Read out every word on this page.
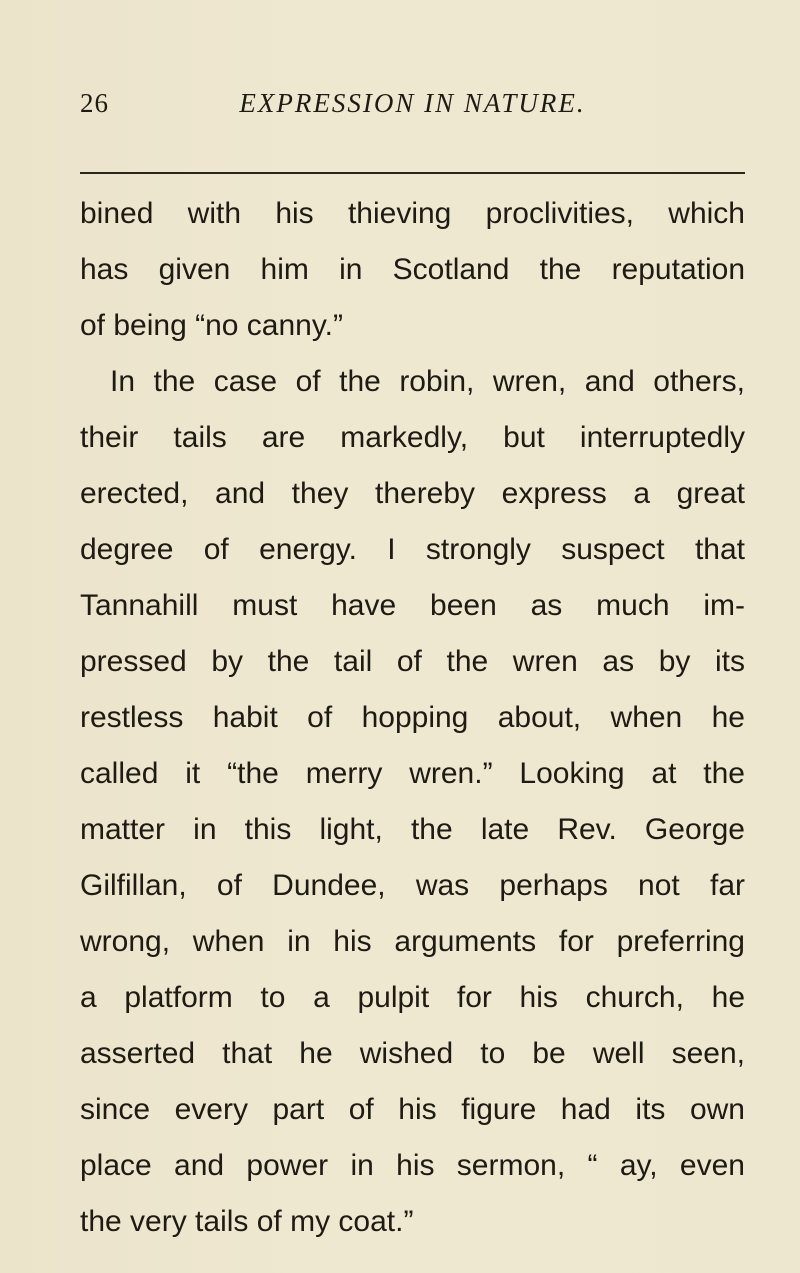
26	EXPRESSION IN NATURE.
bined with his thieving proclivities, which
has given him in Scotland the reputation
of being “no canny.”
In the case of the robin, wren, and others,
their tails are markedly, but interruptedly
erected, and they thereby express a great
degree of energy. I strongly suspect that
Tannahill must have been as much im-
pressed by the tail of the wren as by its
restless habit of hopping about, when he
called it “the merry wren.” Looking at the
matter in this light, the late Rev. George
Gilfillan, of Dundee, was perhaps not far
wrong, when in his arguments for preferring
a platform to a pulpit for his church, he
asserted that he wished to be well seen,
since every part of his figure had its own
place and power in his sermon, “ ay, even
the very tails of my coat.”
